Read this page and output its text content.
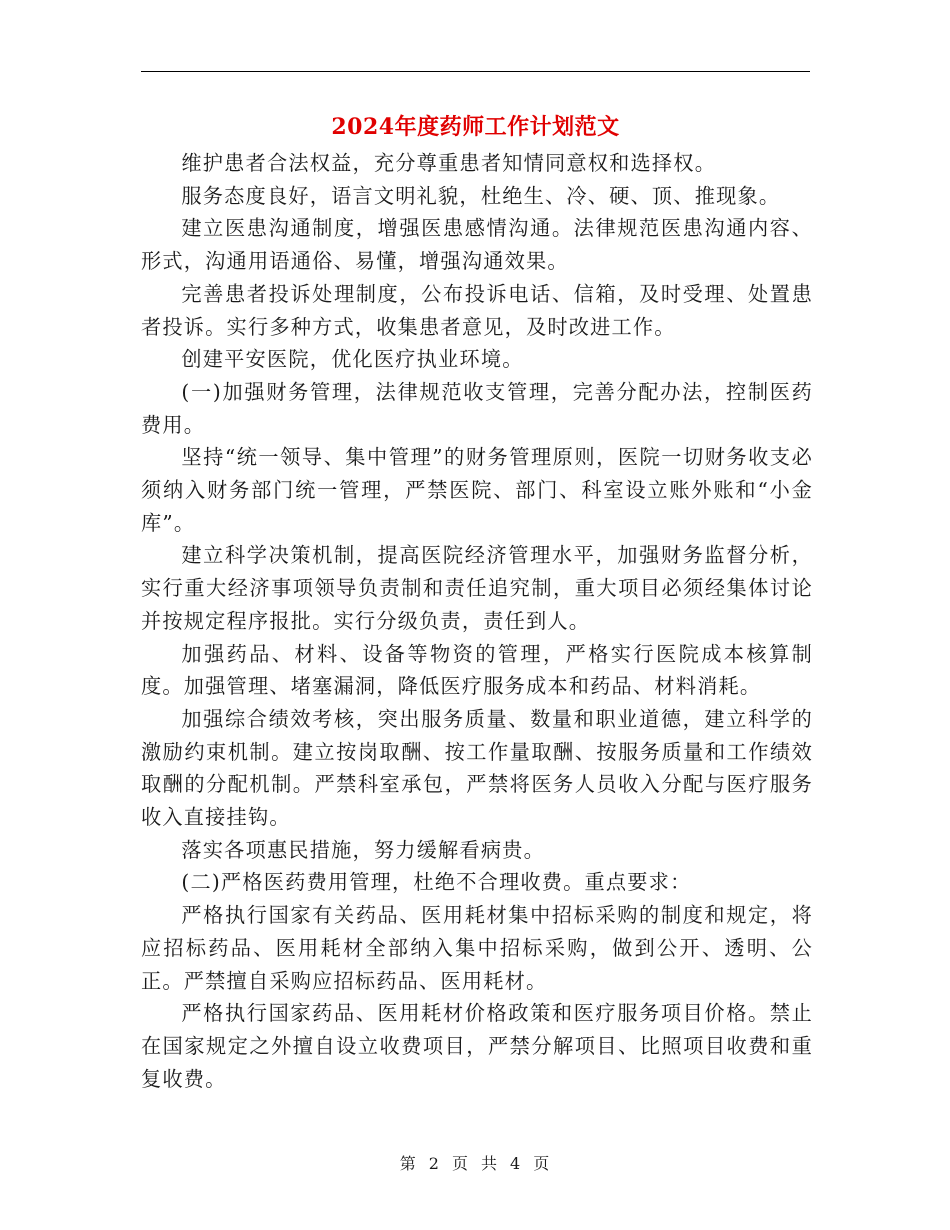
2024年度药师工作计划范文

维护患者合法权益，充分尊重患者知情同意权和选择权。

服务态度良好，语言文明礼貌，杜绝生、冷、硬、顶、推现象。

建立医患沟通制度，增强医患感情沟通。法律规范医患沟通内容、形式，沟通用语通俗、易懂，增强沟通效果。

完善患者投诉处理制度，公布投诉电话、信箱，及时受理、处置患者投诉。实行多种方式，收集患者意见，及时改进工作。

创建平安医院，优化医疗执业环境。

(一)加强财务管理，法律规范收支管理，完善分配办法，控制医药费用。

坚持“统一领导、集中管理”的财务管理原则，医院一切财务收支必须纳入财务部门统一管理，严禁医院、部门、科室设立账外账和“小金库”。

建立科学决策机制，提高医院经济管理水平，加强财务监督分析，实行重大经济事项领导负责制和责任追究制，重大项目必须经集体讨论并按规定程序报批。实行分级负责，责任到人。

加强药品、材料、设备等物资的管理，严格实行医院成本核算制度。加强管理、堵塞漏洞，降低医疗服务成本和药品、材料消耗。

加强综合绩效考核，突出服务质量、数量和职业道德，建立科学的激励约束机制。建立按岗取酬、按工作量取酬、按服务质量和工作绩效取酬的分配机制。严禁科室承包，严禁将医务人员收入分配与医疗服务收入直接挂钩。

落实各项惠民措施，努力缓解看病贵。

(二)严格医药费用管理，杜绝不合理收费。重点要求：

严格执行国家有关药品、医用耗材集中招标采购的制度和规定，将应招标药品、医用耗材全部纳入集中招标采购，做到公开、透明、公正。严禁擅自采购应招标药品、医用耗材。

严格执行国家药品、医用耗材价格政策和医疗服务项目价格。禁止在国家规定之外擅自设立收费项目，严禁分解项目、比照项目收费和重复收费。

第 2 页 共 4 页
